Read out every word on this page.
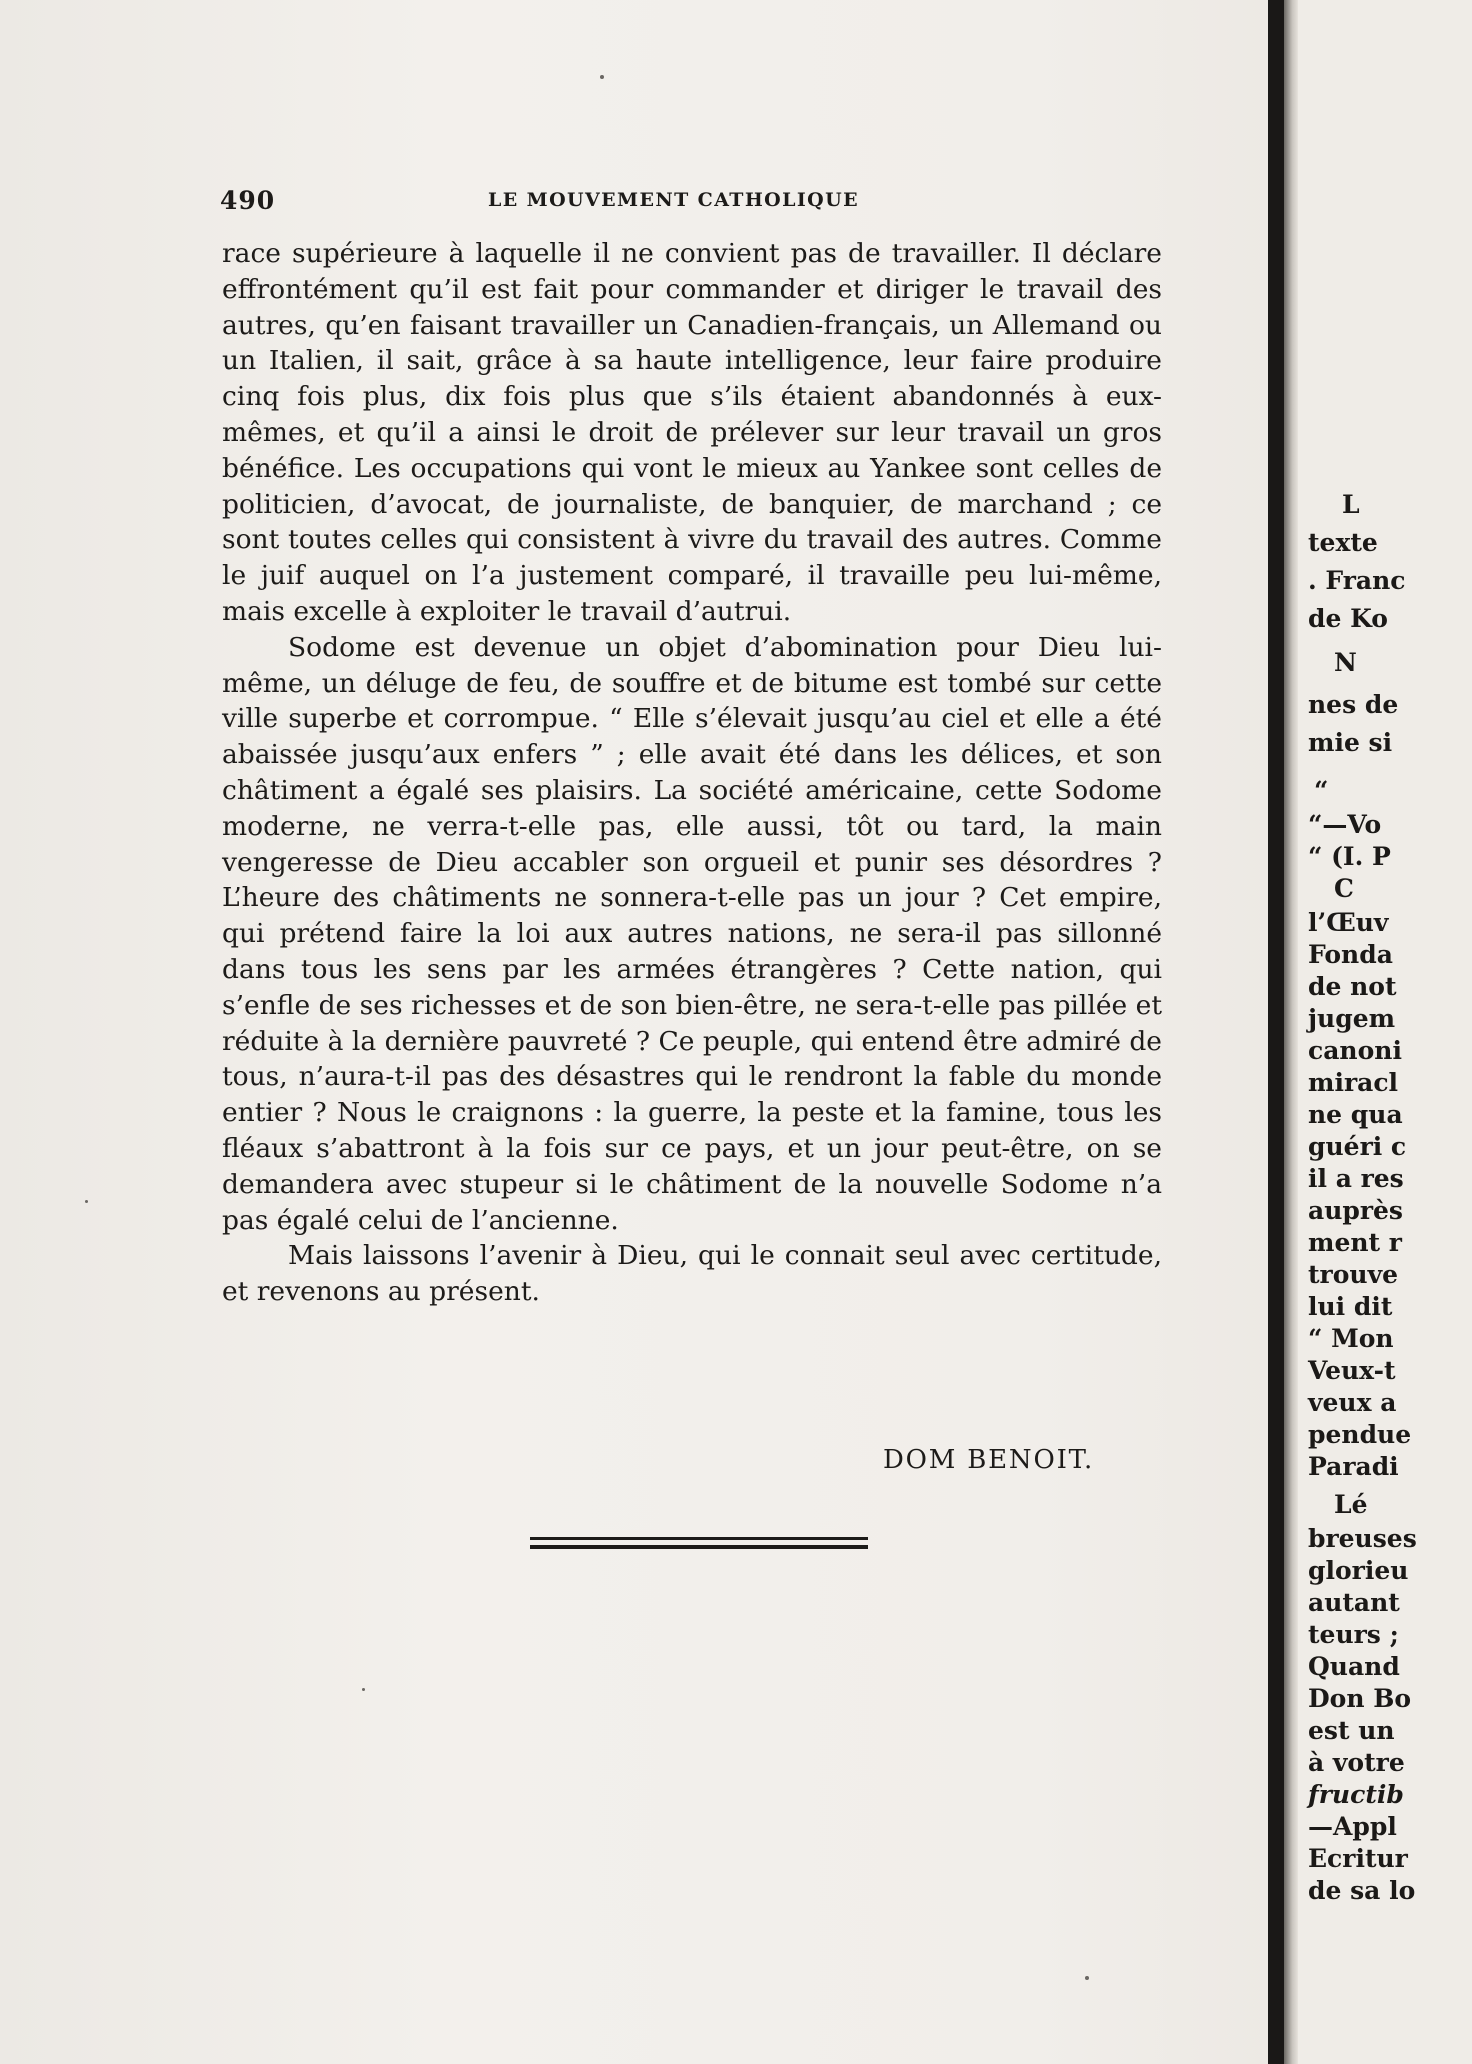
490	LE MOUVEMENT CATHOLIQUE

race supérieure à laquelle il ne convient pas de travailler. Il déclare effrontément qu’il est fait pour commander et diriger le travail des autres, qu’en faisant travailler un Canadien-français, un Allemand ou un Italien, il sait, grâce à sa haute intelligence, leur faire produire cinq fois plus, dix fois plus que s’ils étaient abandonnés à eux-mêmes, et qu’il a ainsi le droit de prélever sur leur travail un gros bénéfice. Les occupations qui vont le mieux au Yankee sont celles de politicien, d’avocat, de journaliste, de banquier, de marchand ; ce sont toutes celles qui consistent à vivre du travail des autres. Comme le juif auquel on l’a justement comparé, il travaille peu lui-même, mais excelle à exploiter le travail d’autrui.

Sodome est devenue un objet d’abomination pour Dieu lui-même, un déluge de feu, de souffre et de bitume est tombé sur cette ville superbe et corrompue. “ Elle s’élevait jusqu’au ciel et elle a été abaissée jusqu’aux enfers ” ; elle avait été dans les délices, et son châtiment a égalé ses plaisirs. La société américaine, cette Sodome moderne, ne verra-t-elle pas, elle aussi, tôt ou tard, la main vengeresse de Dieu accabler son orgueil et punir ses désordres ? L’heure des châtiments ne sonnera-t-elle pas un jour ? Cet empire, qui prétend faire la loi aux autres nations, ne sera-il pas sillonné dans tous les sens par les armées étrangères ? Cette nation, qui s’enfle de ses richesses et de son bien-être, ne sera-t-elle pas pillée et réduite à la dernière pauvreté ? Ce peuple, qui entend être admiré de tous, n’aura-t-il pas des désastres qui le rendront la fable du monde entier ? Nous le craignons : la guerre, la peste et la famine, tous les fléaux s’abattront à la fois sur ce pays, et un jour peut-être, on se demandera avec stupeur si le châtiment de la nouvelle Sodome n’a pas égalé celui de l’ancienne.

Mais laissons l’avenir à Dieu, qui le connait seul avec certitude, et revenons au présent.

DOM BENOIT.
L
texte
. Franc
de Ko
N
nes de
mie si
“
“—Vo
“ (I. P
C
l’Œuv
Fonda
de not
jugem
canoni
miracl
ne qua
guéri c
il a res
auprès
ment r
trouve
lui dit
“ Mon
Veux-t
veux a
pendue
Paradi
Lé
breuses
glorieu
autant
teurs ;
Quand
Don Bo
est un
à votre
fructib
—Appl
Ecritur
de sa lo
